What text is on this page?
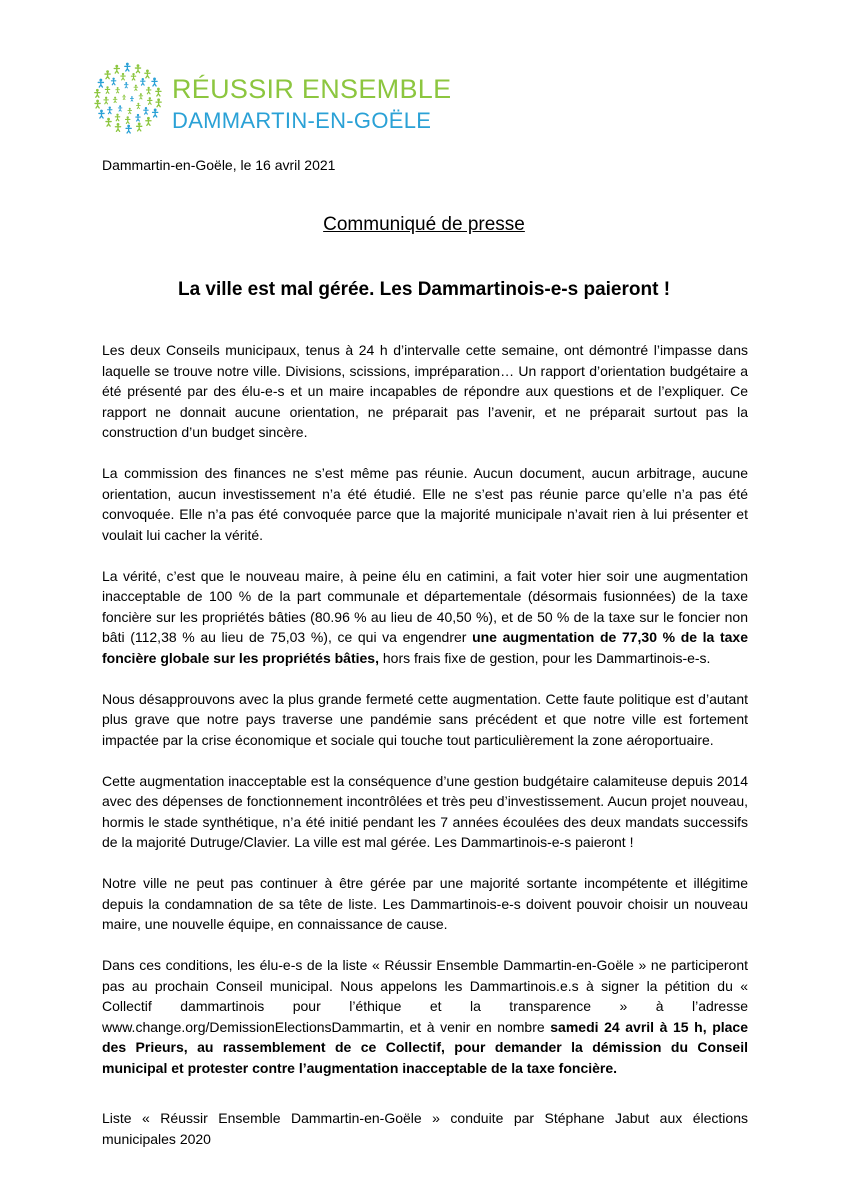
RÉUSSIR ENSEMBLE
DAMMARTIN-EN-GOËLE
Dammartin-en-Goële, le 16 avril 2021
Communiqué de presse
La ville est mal gérée. Les Dammartinois-e-s paieront !

Les deux Conseils municipaux, tenus à 24 h d’intervalle cette semaine, ont démontré l’impasse dans laquelle se trouve notre ville. Divisions, scissions, impréparation… Un rapport d’orientation budgétaire a été présenté par des élu-e-s et un maire incapables de répondre aux questions et de l’expliquer. Ce rapport ne donnait aucune orientation, ne préparait pas l’avenir, et ne préparait surtout pas la construction d’un budget sincère.

La commission des finances ne s’est même pas réunie. Aucun document, aucun arbitrage, aucune orientation, aucun investissement n’a été étudié. Elle ne s’est pas réunie parce qu’elle n’a pas été convoquée. Elle n’a pas été convoquée parce que la majorité municipale n’avait rien à lui présenter et voulait lui cacher la vérité.

La vérité, c’est que le nouveau maire, à peine élu en catimini, a fait voter hier soir une augmentation inacceptable de 100 % de la part communale et départementale (désormais fusionnées) de la taxe foncière sur les propriétés bâties (80.96 % au lieu de 40,50 %), et de 50 % de la taxe sur le foncier non bâti (112,38 % au lieu de 75,03 %), ce qui va engendrer une augmentation de 77,30 % de la taxe foncière globale sur les propriétés bâties, hors frais fixe de gestion, pour les Dammartinois-e-s.

Nous désapprouvons avec la plus grande fermeté cette augmentation. Cette faute politique est d’autant plus grave que notre pays traverse une pandémie sans précédent et que notre ville est fortement impactée par la crise économique et sociale qui touche tout particulièrement la zone aéroportuaire.

Cette augmentation inacceptable est la conséquence d’une gestion budgétaire calamiteuse depuis 2014 avec des dépenses de fonctionnement incontrôlées et très peu d’investissement. Aucun projet nouveau, hormis le stade synthétique, n’a été initié pendant les 7 années écoulées des deux mandats successifs de la majorité Dutruge/Clavier. La ville est mal gérée. Les Dammartinois-e-s paieront !

Notre ville ne peut pas continuer à être gérée par une majorité sortante incompétente et illégitime depuis la condamnation de sa tête de liste. Les Dammartinois-e-s doivent pouvoir choisir un nouveau maire, une nouvelle équipe, en connaissance de cause.

Dans ces conditions, les élu-e-s de la liste « Réussir Ensemble Dammartin-en-Goële » ne participeront pas au prochain Conseil municipal. Nous appelons les Dammartinois.e.s à signer la pétition du « Collectif dammartinois pour l’éthique et la transparence » à l’adresse www.change.org/DemissionElectionsDammartin, et à venir en nombre samedi 24 avril à 15 h, place des Prieurs, au rassemblement de ce Collectif, pour demander la démission du Conseil municipal et protester contre l’augmentation inacceptable de la taxe foncière.

Liste « Réussir Ensemble Dammartin-en-Goële » conduite par Stéphane Jabut aux élections municipales 2020
